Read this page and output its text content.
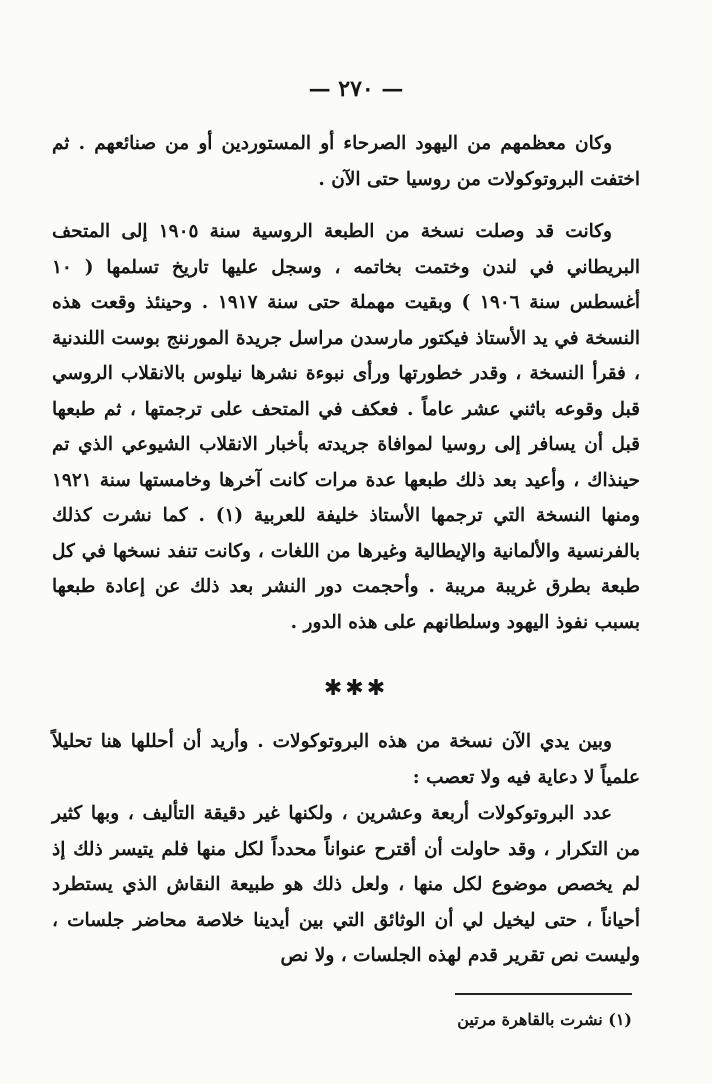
— ٢٧٠ —

وكان معظمهم من اليهود الصرحاء أو المستوردين أو من صنائعهم . ثم اختفت البروتوكولات من روسيا حتى الآن .

وكانت قد وصلت نسخة من الطبعة الروسية سنة ١٩٠٥ إلى المتحف البريطاني في لندن وختمت بخاتمه ، وسجل عليها تاريخ تسلمها ( ١٠ أغسطس سنة ١٩٠٦ ) وبقيت مهملة حتى سنة ١٩١٧ . وحينئذ وقعت هذه النسخة في يد الأستاذ فيكتور مارسدن مراسل جريدة المورننج بوست اللندنية ، فقرأ النسخة ، وقدر خطورتها ورأى نبوءة نشرها نيلوس بالانقلاب الروسي قبل وقوعه باثني عشر عاماً . فعكف في المتحف على ترجمتها ، ثم طبعها قبل أن يسافر إلى روسيا لموافاة جريدته بأخبار الانقلاب الشيوعي الذي تم حينذاك ، وأعيد بعد ذلك طبعها عدة مرات كانت آخرها وخامستها سنة ١٩٢١ ومنها النسخة التي ترجمها الأستاذ خليفة للعربية (١) . كما نشرت كذلك بالفرنسية والألمانية والإيطالية وغيرها من اللغات ، وكانت تنفد نسخها في كل طبعة بطرق غريبة مريبة . وأحجمت دور النشر بعد ذلك عن إعادة طبعها بسبب نفوذ اليهود وسلطانهم على هذه الدور .

✱✱✱

وبين يدي الآن نسخة من هذه البروتوكولات . وأريد أن أحللها هنا تحليلاً علمياً لا دعاية فيه ولا تعصب :

عدد البروتوكولات أربعة وعشرين ، ولكنها غير دقيقة التأليف ، وبها كثير من التكرار ، وقد حاولت أن أقترح عنواناً محدداً لكل منها فلم يتيسر ذلك إذ لم يخصص موضوع لكل منها ، ولعل ذلك هو طبيعة النقاش الذي يستطرد أحياناً ، حتى ليخيل لي أن الوثائق التي بين أيدينا خلاصة محاضر جلسات ، وليست نص تقرير قدم لهذه الجلسات ، ولا نص

(١) نشرت بالقاهرة مرتين
